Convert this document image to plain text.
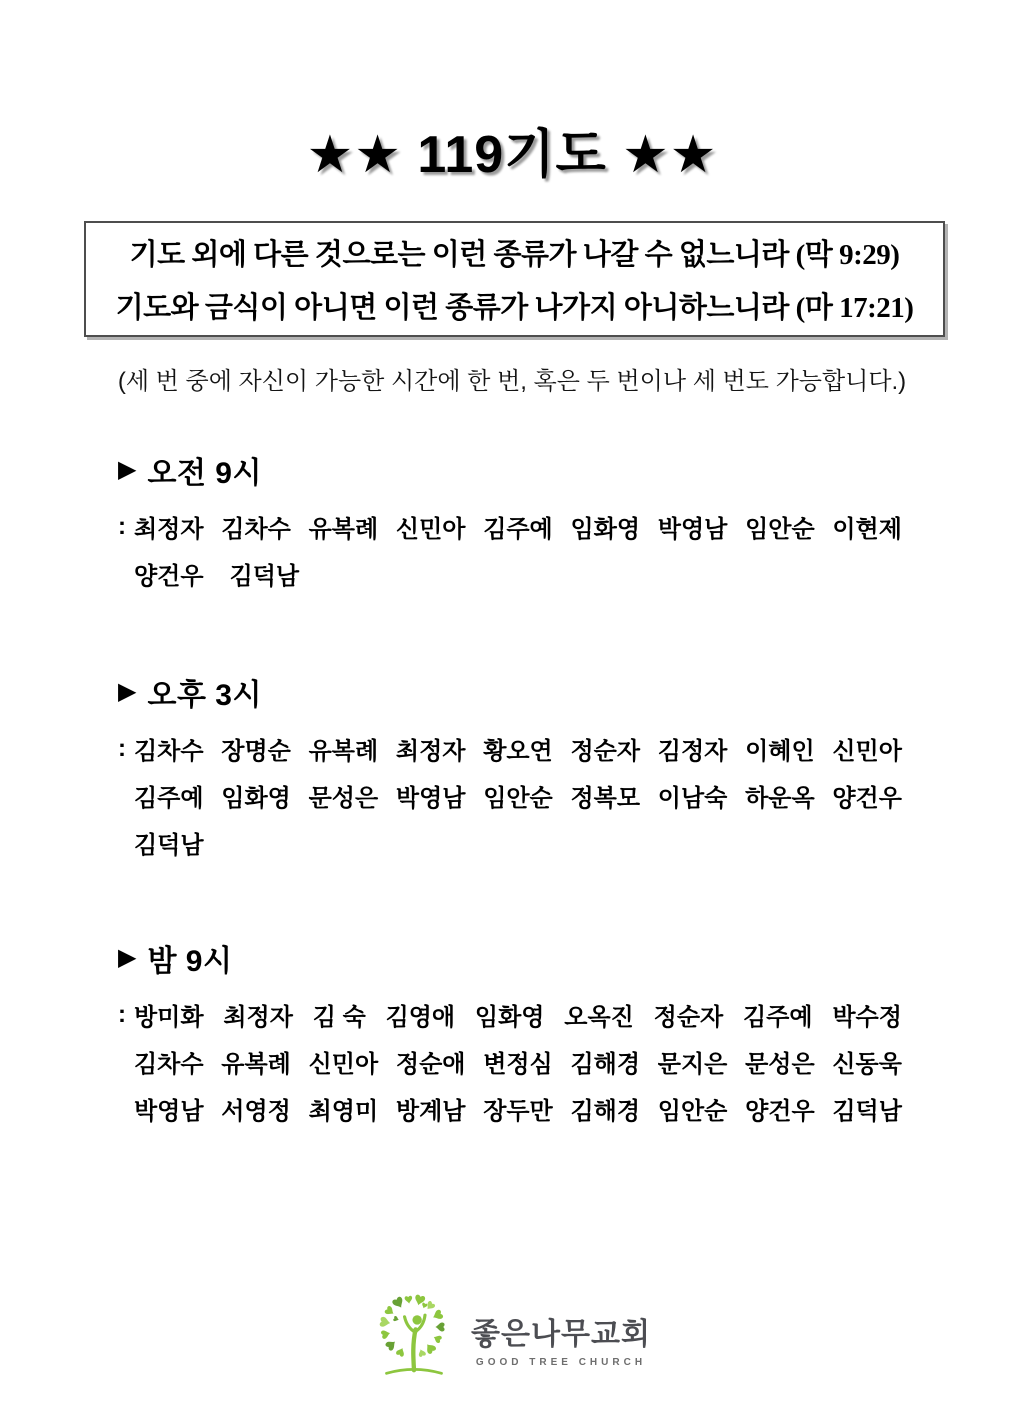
★★ 119기도 ★★
기도 외에 다른 것으로는 이런 종류가 나갈 수 없느니라 (막 9:29)
기도와 금식이 아니면 이런 종류가 나가지 아니하느니라 (마 17:21)
(세 번 중에 자신이 가능한 시간에 한 번, 혹은 두 번이나 세 번도 가능합니다.)
▶ 오전 9시
: 최정자 김차수 유복례 신민아 김주예 임화영 박영남 임안순 이현제
양건우 김덕남
▶ 오후 3시
: 김차수 장명순 유복례 최정자 황오연 정순자 김정자 이혜인 신민아
김주예 임화영 문성은 박영남 임안순 정복모 이남숙 하운옥 양건우
김덕남
▶ 밤 9시
: 방미화 최정자 김 숙 김영애 임화영 오옥진 정순자 김주예 박수정
김차수 유복례 신민아 정순애 변정심 김해경 문지은 문성은 신동욱
박영남 서영정 최영미 방계남 장두만 김해경 임안순 양건우 김덕남
좋은나무교회
GOOD TREE CHURCH
